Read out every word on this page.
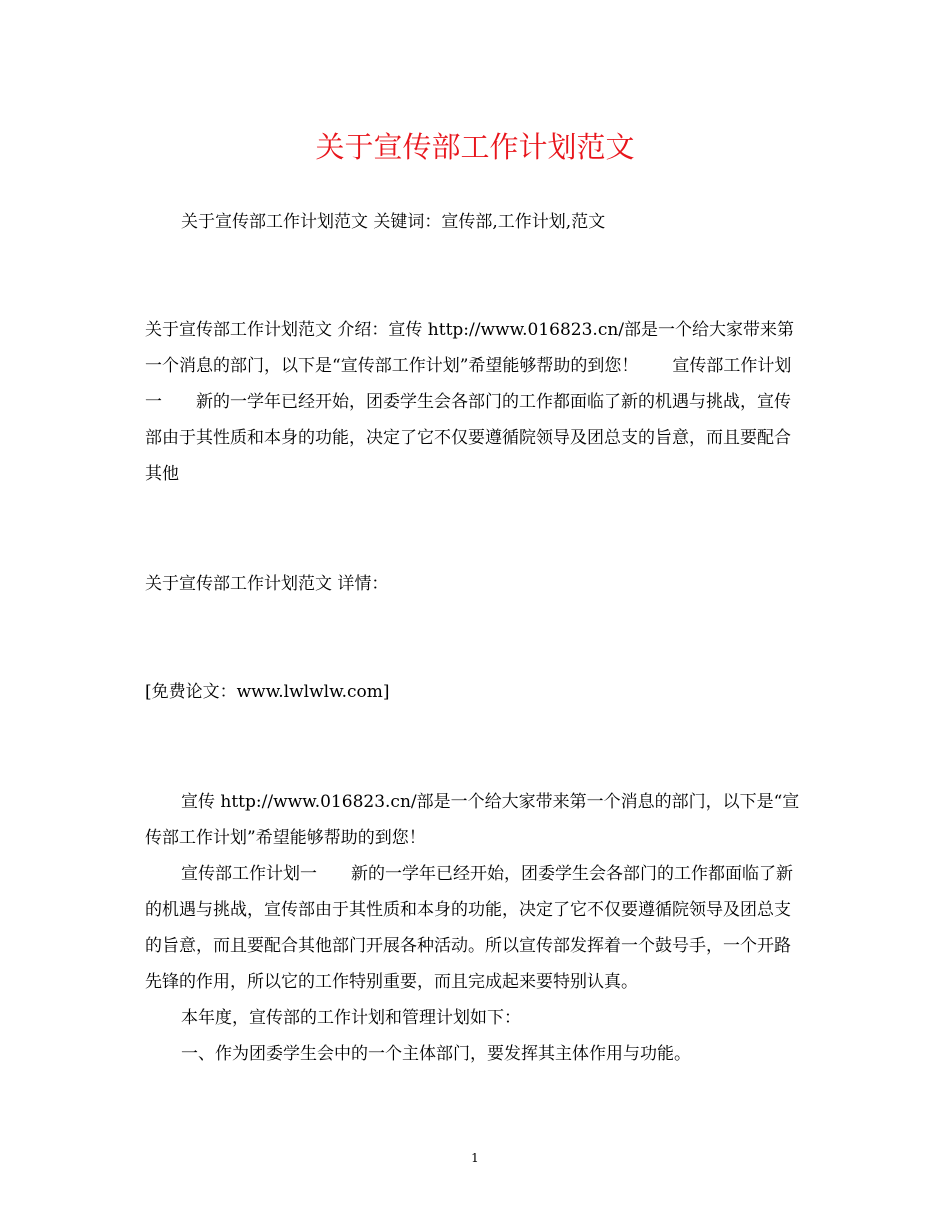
关于宣传部工作计划范文

关于宣传部工作计划范文 关键词：宣传部,工作计划,范文

关于宣传部工作计划范文 介绍：宣传 http://www.016823.cn/部是一个给大家带来第一个消息的部门，以下是“宣传部工作计划”希望能够帮助的到您！　　宣传部工作计划一　　新的一学年已经开始，团委学生会各部门的工作都面临了新的机遇与挑战，宣传部由于其性质和本身的功能，决定了它不仅要遵循院领导及团总支的旨意，而且要配合其他

关于宣传部工作计划范文 详情：

[免费论文：www.lwlwlw.com]

宣传 http://www.016823.cn/部是一个给大家带来第一个消息的部门，以下是“宣传部工作计划”希望能够帮助的到您！

宣传部工作计划一　　新的一学年已经开始，团委学生会各部门的工作都面临了新的机遇与挑战，宣传部由于其性质和本身的功能，决定了它不仅要遵循院领导及团总支的旨意，而且要配合其他部门开展各种活动。所以宣传部发挥着一个鼓号手，一个开路先锋的作用，所以它的工作特别重要，而且完成起来要特别认真。

本年度，宣传部的工作计划和管理计划如下：

一、作为团委学生会中的一个主体部门，要发挥其主体作用与功能。

1
